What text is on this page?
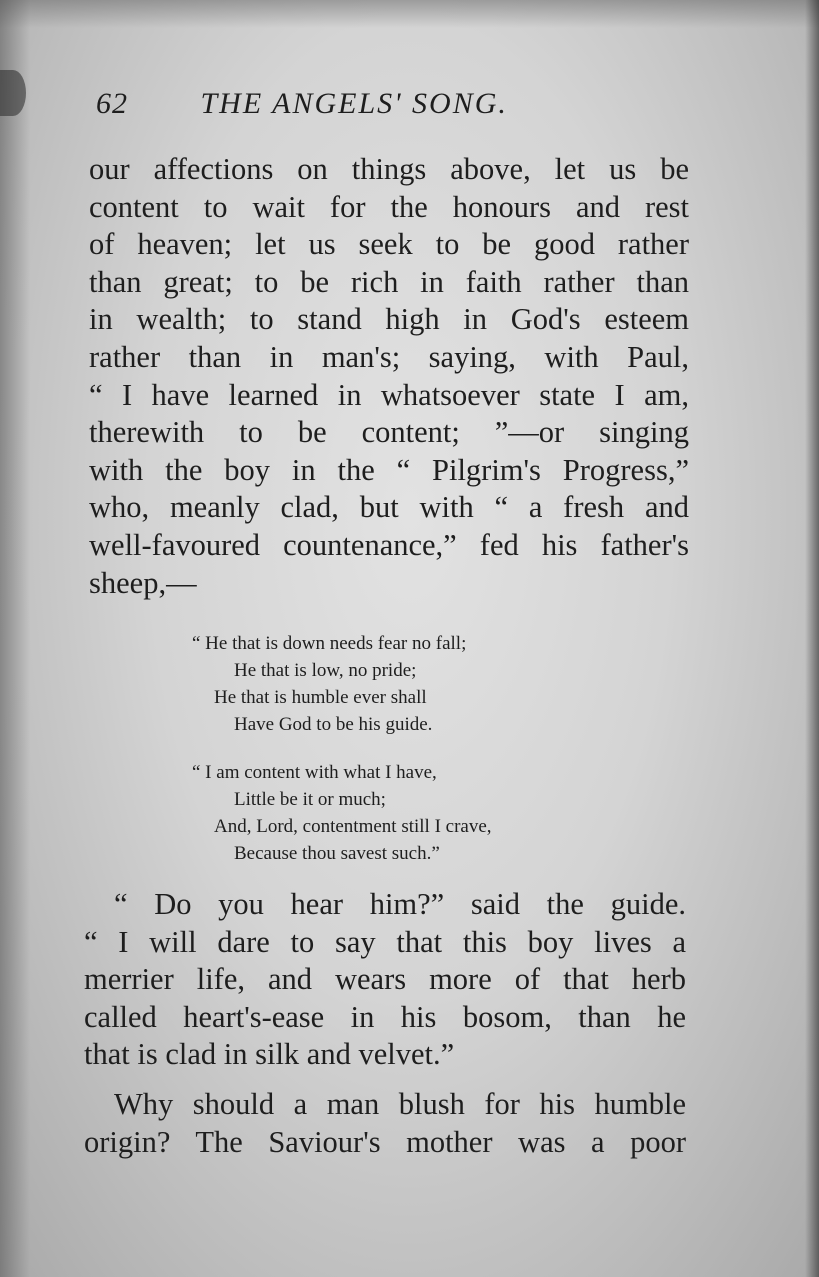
62 THE ANGELS' SONG.
our affections on things above, let us be
content to wait for the honours and rest
of heaven; let us seek to be good rather
than great; to be rich in faith rather than
in wealth; to stand high in God's esteem
rather than in man's; saying, with Paul,
“ I have learned in whatsoever state I am,
therewith to be content; ”—or singing
with the boy in the “ Pilgrim's Progress,”
who, meanly clad, but with “ a fresh and
well-favoured countenance,” fed his father's
sheep,—
“ He that is down needs fear no fall;
He that is low, no pride;
He that is humble ever shall
Have God to be his guide.
“ I am content with what I have,
Little be it or much;
And, Lord, contentment still I crave,
Because thou savest such.”
“ Do you hear him?” said the guide.
“ I will dare to say that this boy lives a
merrier life, and wears more of that herb
called heart's-ease in his bosom, than he
that is clad in silk and velvet.”
Why should a man blush for his humble
origin? The Saviour's mother was a poor
